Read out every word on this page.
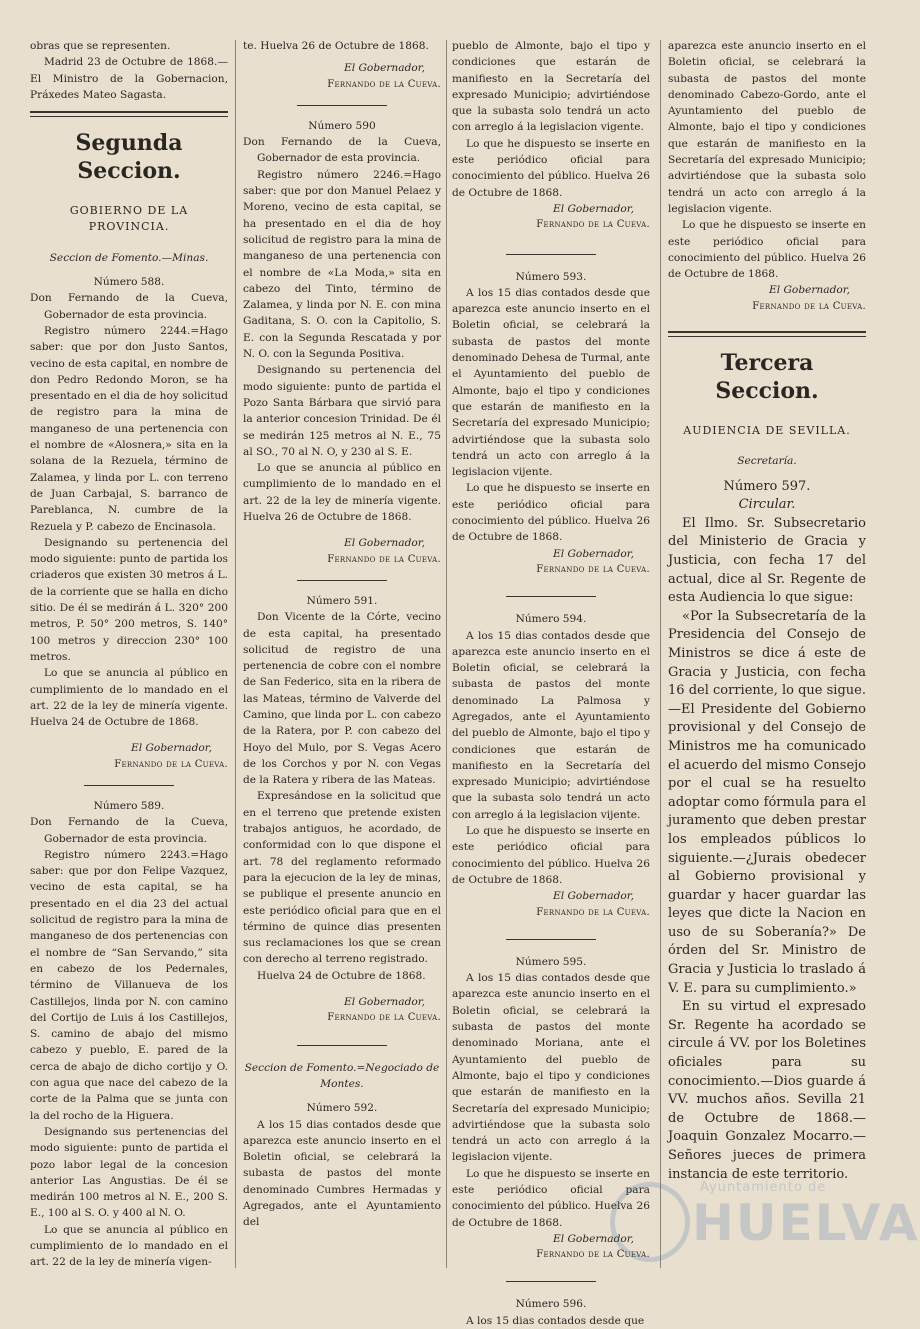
obras que se representen.

Madrid 23 de Octubre de 1868.—El Ministro de la Gobernacion, Práxedes Mateo Sagasta.

Segunda Seccion.

GOBIERNO DE LA PROVINCIA.

Seccion de Fomento.—Minas.

Número 588.

Don Fernando de la Cueva, Gobernador de esta provincia.

Registro número 2244.=Hago saber: que por don Justo Santos, vecino de esta capital, en nombre de don Pedro Redondo Moron, se ha presentado en el dia de hoy solicitud de registro para la mina de manganeso de una pertenencia con el nombre de «Alosnera,» sita en la solana de la Rezuela, término de Zalamea, y linda por L. con terreno de Juan Carbajal, S. barranco de Pareblanca, N. cumbre de la Rezuela y P. cabezo de Encinasola.

Designando su pertenencia del modo siguiente: punto de partida los criaderos que existen 30 metros á L. de la corriente que se halla en dicho sitio. De él se medirán á L. 320° 200 metros, P. 50° 200 metros, S. 140° 100 metros y direccion 230° 100 metros.

Lo que se anuncia al público en cumplimiento de lo mandado en el art. 22 de la ley de minería vigente. Huelva 24 de Octubre de 1868.

El Gobernador,

Fernando de la Cueva.

Número 589.

Don Fernando de la Cueva, Gobernador de esta provincia.

Registro número 2243.=Hago saber: que por don Felipe Vazquez, vecino de esta capital, se ha presentado en el dia 23 del actual solicitud de registro para la mina de manganeso de dos pertenencias con el nombre de “San Servando,” sita en cabezo de los Pedernales, término de Villanueva de los Castillejos, linda por N. con camino del Cortijo de Luis á los Castillejos, S. camino de abajo del mismo cabezo y pueblo, E. pared de la cerca de abajo de dicho cortijo y O. con agua que nace del cabezo de la corte de la Palma que se junta con la del rocho de la Higuera.

Designando sus pertenencias del modo siguiente: punto de partida el pozo labor legal de la concesion anterior Las Angustias. De él se medirán 100 metros al N. E., 200 S. E., 100 al S. O. y 400 al N. O.

Lo que se anuncia al público en cumplimiento de lo mandado en el art. 22 de la ley de minería vigen-

te. Huelva 26 de Octubre de 1868.

El Gobernador,

Fernando de la Cueva.

Número 590

Don Fernando de la Cueva, Gobernador de esta provincia.

Registro número 2246.=Hago saber: que por don Manuel Pelaez y Moreno, vecino de esta capital, se ha presentado en el dia de hoy solicitud de registro para la mina de manganeso de una pertenencia con el nombre de «La Moda,» sita en cabezo del Tinto, término de Zalamea, y linda por N. E. con mina Gaditana, S. O. con la Capitolio, S. E. con la Segunda Rescatada y por N. O. con la Segunda Positiva.

Designando su pertenencia del modo siguiente: punto de partida el Pozo Santa Bárbara que sirvió para la anterior concesion Trinidad. De él se medirán 125 metros al N. E., 75 al SO., 70 al N. O, y 230 al S. E.

Lo que se anuncia al público en cumplimiento de lo mandado en el art. 22 de la ley de minería vigente. Huelva 26 de Octubre de 1868.

El Gobernador,

Fernando de la Cueva.

Número 591.

Don Vicente de la Córte, vecino de esta capital, ha presentado solicitud de registro de una pertenencia de cobre con el nombre de San Federico, sita en la ribera de las Mateas, término de Valverde del Camino, que linda por L. con cabezo de la Ratera, por P. con cabezo del Hoyo del Mulo, por S. Vegas Acero de los Corchos y por N. con Vegas de la Ratera y ribera de las Mateas.

Expresándose en la solicitud que en el terreno que pretende existen trabajos antiguos, he acordado, de conformidad con lo que dispone el art. 78 del reglamento reformado para la ejecucion de la ley de minas, se publique el presente anuncio en este periódico oficial para que en el término de quince dias presenten sus reclamaciones los que se crean con derecho al terreno registrado.

Huelva 24 de Octubre de 1868.

El Gobernador,

Fernando de la Cueva.

Seccion de Fomento.=Negociado de Montes.

Número 592.

A los 15 dias contados desde que aparezca este anuncio inserto en el Boletin oficial, se celebrará la subasta de pastos del monte denominado Cumbres Hermadas y Agregados, ante el Ayuntamiento del

pueblo de Almonte, bajo el tipo y condiciones que estarán de manifiesto en la Secretaría del expresado Municipio; advirtiéndose que la subasta solo tendrá un acto con arreglo á la legislacion vigente.

Lo que he dispuesto se inserte en este periódico oficial para conocimiento del público. Huelva 26 de Octubre de 1868.

El Gobernador,

Fernando de la Cueva.

Número 593.

A los 15 dias contados desde que aparezca este anuncio inserto en el Boletin oficial, se celebrará la subasta de pastos del monte denominado Dehesa de Turmal, ante el Ayuntamiento del pueblo de Almonte, bajo el tipo y condiciones que estarán de manifiesto en la Secretaría del expresado Municipio; advirtiéndose que la subasta solo tendrá un acto con arreglo á la legislacion vijente.

Lo que he dispuesto se inserte en este periódico oficial para conocimiento del público. Huelva 26 de Octubre de 1868.

El Gobernador,

Fernando de la Cueva.

Número 594.

A los 15 dias contados desde que aparezca este anuncio inserto en el Boletin oficial, se celebrará la subasta de pastos del monte denominado La Palmosa y Agregados, ante el Ayuntamiento del pueblo de Almonte, bajo el tipo y condiciones que estarán de manifiesto en la Secretaría del expresado Municipio; advirtiéndose que la subasta solo tendrá un acto con arreglo á la legislacion vijente.

Lo que he dispuesto se inserte en este periódico oficial para conocimiento del público. Huelva 26 de Octubre de 1868.

El Gobernador,

Fernando de la Cueva.

Número 595.

A los 15 dias contados desde que aparezca este anuncio inserto en el Boletin oficial, se celebrará la subasta de pastos del monte denominado Moriana, ante el Ayuntamiento del pueblo de Almonte, bajo el tipo y condiciones que estarán de manifiesto en la Secretaría del expresado Municipio; advirtiéndose que la subasta solo tendrá un acto con arreglo á la legislacion vijente.

Lo que he dispuesto se inserte en este periódico oficial para conocimiento del público. Huelva 26 de Octubre de 1868.

El Gobernador,

Fernando de la Cueva.

Número 596.

A los 15 dias contados desde que

aparezca este anuncio inserto en el Boletin oficial, se celebrará la subasta de pastos del monte denominado Cabezo-Gordo, ante el Ayuntamiento del pueblo de Almonte, bajo el tipo y condiciones que estarán de manifiesto en la Secretaría del expresado Municipio; advirtiéndose que la subasta solo tendrá un acto con arreglo á la legislacion vigente.

Lo que he dispuesto se inserte en este periódico oficial para conocimiento del público. Huelva 26 de Octubre de 1868.

El Gobernador,

Fernando de la Cueva.

Tercera Seccion.

AUDIENCIA DE SEVILLA.

Secretaría.

Número 597.

Circular.

El Ilmo. Sr. Subsecretario del Ministerio de Gracia y Justicia, con fecha 17 del actual, dice al Sr. Regente de esta Audiencia lo que sigue:

«Por la Subsecretaría de la Presidencia del Consejo de Ministros se dice á este de Gracia y Justicia, con fecha 16 del corriente, lo que sigue.—El Presidente del Gobierno provisional y del Consejo de Ministros me ha comunicado el acuerdo del mismo Consejo por el cual se ha resuelto adoptar como fórmula para el juramento que deben prestar los empleados públicos lo siguiente.—¿Jurais obedecer al Gobierno provisional y guardar y hacer guardar las leyes que dicte la Nacion en uso de su Soberanía?» De órden del Sr. Ministro de Gracia y Justicia lo traslado á V. E. para su cumplimiento.»

En su virtud el expresado Sr. Regente ha acordado se circule á VV. por los Boletines oficiales para su conocimiento.—Dios guarde á VV. muchos años. Sevilla 21 de Octubre de 1868.—Joaquin Gonzalez Mocarro.—Señores jueces de primera instancia de este territorio.

Ayuntamiento de
HUELVA
